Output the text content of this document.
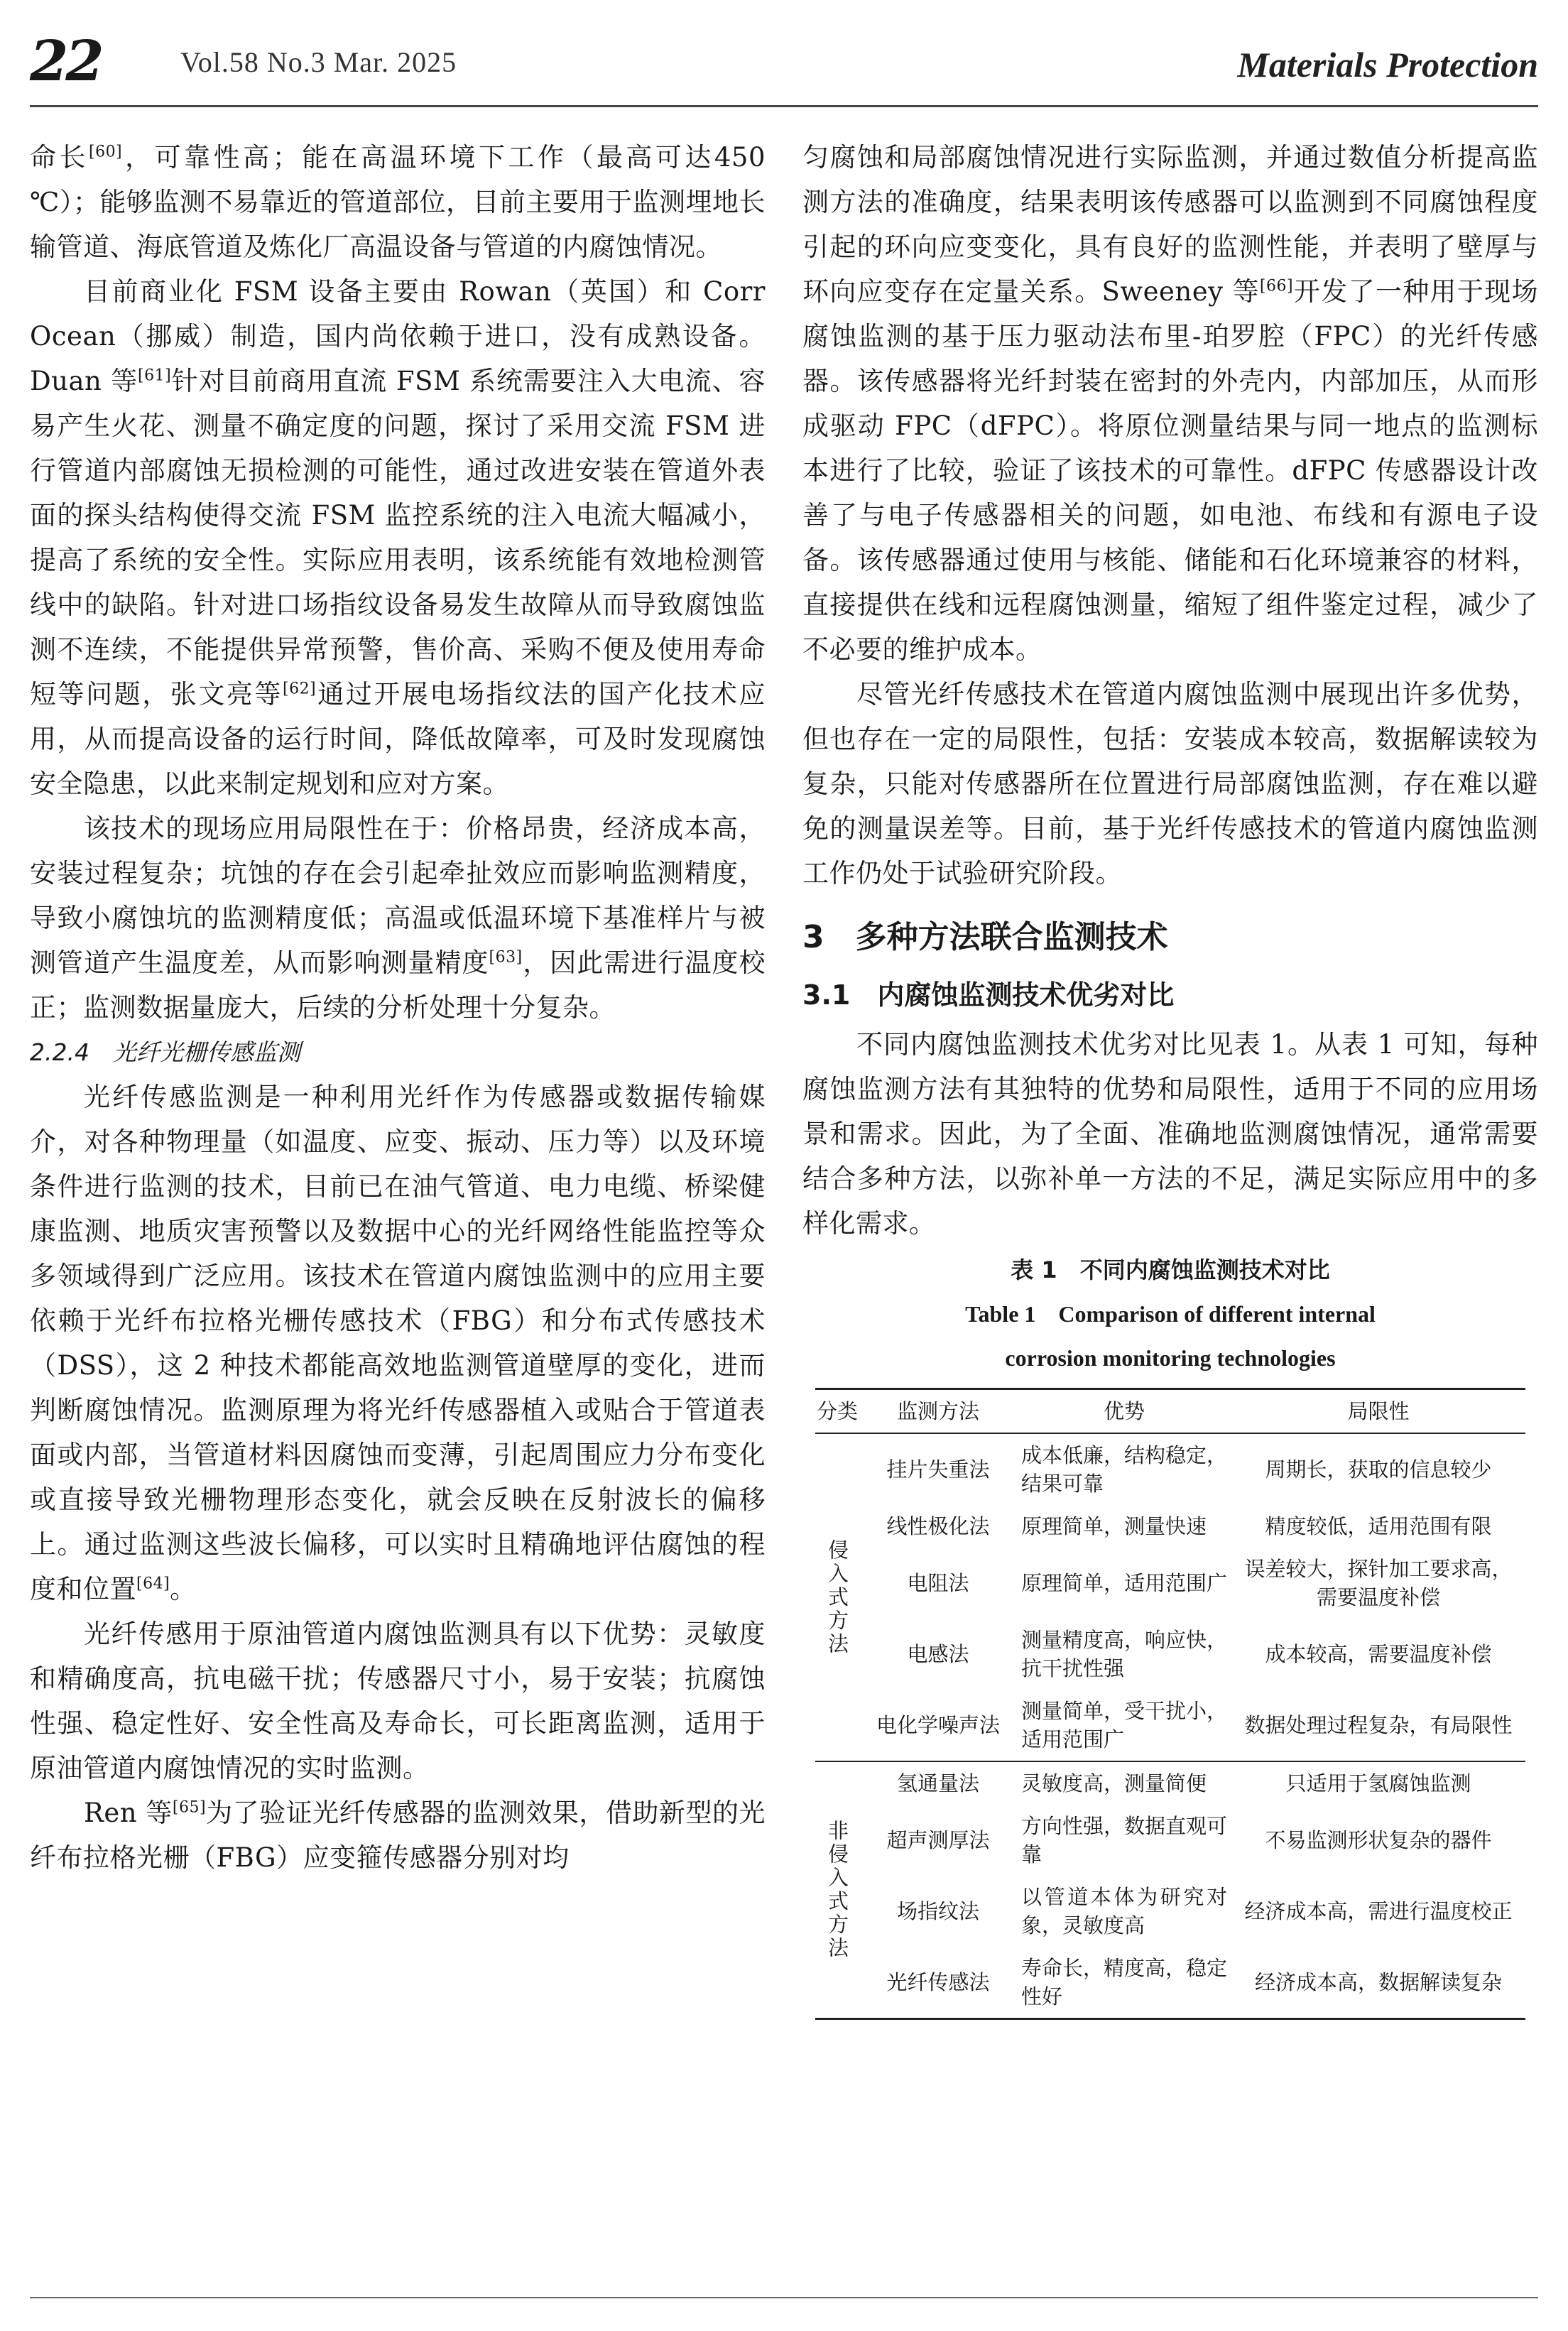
22	Vol.58 No.3 Mar. 2025	Materials Protection

命长[60]，可靠性高；能在高温环境下工作（最高可达450 ℃）；能够监测不易靠近的管道部位，目前主要用于监测埋地长输管道、海底管道及炼化厂高温设备与管道的内腐蚀情况。

目前商业化 FSM 设备主要由 Rowan（英国）和 Corr Ocean（挪威）制造，国内尚依赖于进口，没有成熟设备。Duan 等[61]针对目前商用直流 FSM 系统需要注入大电流、容易产生火花、测量不确定度的问题，探讨了采用交流 FSM 进行管道内部腐蚀无损检测的可能性，通过改进安装在管道外表面的探头结构使得交流 FSM 监控系统的注入电流大幅减小，提高了系统的安全性。实际应用表明，该系统能有效地检测管线中的缺陷。针对进口场指纹设备易发生故障从而导致腐蚀监测不连续，不能提供异常预警，售价高、采购不便及使用寿命短等问题，张文亮等[62]通过开展电场指纹法的国产化技术应用，从而提高设备的运行时间，降低故障率，可及时发现腐蚀安全隐患，以此来制定规划和应对方案。

该技术的现场应用局限性在于：价格昂贵，经济成本高，安装过程复杂；坑蚀的存在会引起牵扯效应而影响监测精度，导致小腐蚀坑的监测精度低；高温或低温环境下基准样片与被测管道产生温度差，从而影响测量精度[63]，因此需进行温度校正；监测数据量庞大，后续的分析处理十分复杂。

2.2.4　光纤光栅传感监测

光纤传感监测是一种利用光纤作为传感器或数据传输媒介，对各种物理量（如温度、应变、振动、压力等）以及环境条件进行监测的技术，目前已在油气管道、电力电缆、桥梁健康监测、地质灾害预警以及数据中心的光纤网络性能监控等众多领域得到广泛应用。该技术在管道内腐蚀监测中的应用主要依赖于光纤布拉格光栅传感技术（FBG）和分布式传感技术（DSS），这 2 种技术都能高效地监测管道壁厚的变化，进而判断腐蚀情况。监测原理为将光纤传感器植入或贴合于管道表面或内部，当管道材料因腐蚀而变薄，引起周围应力分布变化或直接导致光栅物理形态变化，就会反映在反射波长的偏移上。通过监测这些波长偏移，可以实时且精确地评估腐蚀的程度和位置[64]。

光纤传感用于原油管道内腐蚀监测具有以下优势：灵敏度和精确度高，抗电磁干扰；传感器尺寸小，易于安装；抗腐蚀性强、稳定性好、安全性高及寿命长，可长距离监测，适用于原油管道内腐蚀情况的实时监测。

Ren 等[65]为了验证光纤传感器的监测效果，借助新型的光纤布拉格光栅（FBG）应变箍传感器分别对均

匀腐蚀和局部腐蚀情况进行实际监测，并通过数值分析提高监测方法的准确度，结果表明该传感器可以监测到不同腐蚀程度引起的环向应变变化，具有良好的监测性能，并表明了壁厚与环向应变存在定量关系。Sweeney 等[66]开发了一种用于现场腐蚀监测的基于压力驱动法布里-珀罗腔（FPC）的光纤传感器。该传感器将光纤封装在密封的外壳内，内部加压，从而形成驱动 FPC（dFPC）。将原位测量结果与同一地点的监测标本进行了比较，验证了该技术的可靠性。dFPC 传感器设计改善了与电子传感器相关的问题，如电池、布线和有源电子设备。该传感器通过使用与核能、储能和石化环境兼容的材料，直接提供在线和远程腐蚀测量，缩短了组件鉴定过程，减少了不必要的维护成本。

尽管光纤传感技术在管道内腐蚀监测中展现出许多优势，但也存在一定的局限性，包括：安装成本较高，数据解读较为复杂，只能对传感器所在位置进行局部腐蚀监测，存在难以避免的测量误差等。目前，基于光纤传感技术的管道内腐蚀监测工作仍处于试验研究阶段。

3　多种方法联合监测技术
3.1　内腐蚀监测技术优劣对比

不同内腐蚀监测技术优劣对比见表 1。从表 1 可知，每种腐蚀监测方法有其独特的优势和局限性，适用于不同的应用场景和需求。因此，为了全面、准确地监测腐蚀情况，通常需要结合多种方法，以弥补单一方法的不足，满足实际应用中的多样化需求。

表 1　不同内腐蚀监测技术对比
Table 1　Comparison of different internal
corrosion monitoring technologies
分类	监测方法	优势	局限性
侵入式方法	挂片失重法	成本低廉，结构稳定，结果可靠	周期长，获取的信息较少
	线性极化法	原理简单，测量快速	精度较低，适用范围有限
	电阻法	原理简单，适用范围广	误差较大，探针加工要求高，需要温度补偿
	电感法	测量精度高，响应快，抗干扰性强	成本较高，需要温度补偿
	电化学噪声法	测量简单，受干扰小，适用范围广	数据处理过程复杂，有局限性
非侵入式方法	氢通量法	灵敏度高，测量简便	只适用于氢腐蚀监测
	超声测厚法	方向性强，数据直观可靠	不易监测形状复杂的器件
	场指纹法	以管道本体为研究对象，灵敏度高	经济成本高，需进行温度校正
	光纤传感法	寿命长，精度高，稳定性好	经济成本高，数据解读复杂
